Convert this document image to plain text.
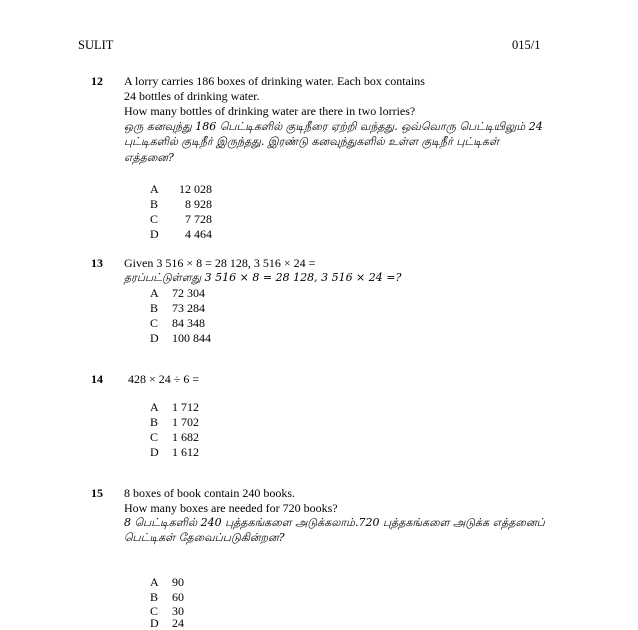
SULIT	015/1
12 A lorry carries 186 boxes of drinking water. Each box contains
24 bottles of drinking water.
How many bottles of drinking water are there in two lorries?
ஒரு கனவுந்து 186 பெட்டிகளில் குடிநீரை ஏற்றி வந்தது. ஒவ்வொரு பெட்டியிலும் 24
புட்டிகளில் குடிநீர் இருந்தது. இரண்டு கனவுந்துகளில் உள்ள குடிநீர் புட்டிகள்
எத்தனை?
A 12 028
B 8 928
C 7 728
D 4 464
13 Given 3 516 × 8 = 28 128, 3 516 × 24 =
தரப்பட்டுள்ளது 3 516 × 8 = 28 128, 3 516 × 24 =?
A 72 304
B 73 284
C 84 348
D 100 844
14 428 × 24 ÷ 6 =
A 1 712
B 1 702
C 1 682
D 1 612
15 8 boxes of book contain 240 books.
How many boxes are needed for 720 books?
8 பெட்டிகளில் 240 புத்தகங்களை அடுக்கலாம்.720 புத்தகங்களை அடுக்க எத்தனைப்
பெட்டிகள் தேவைப்படுகின்றன?
A 90
B 60
C 30
D 24
